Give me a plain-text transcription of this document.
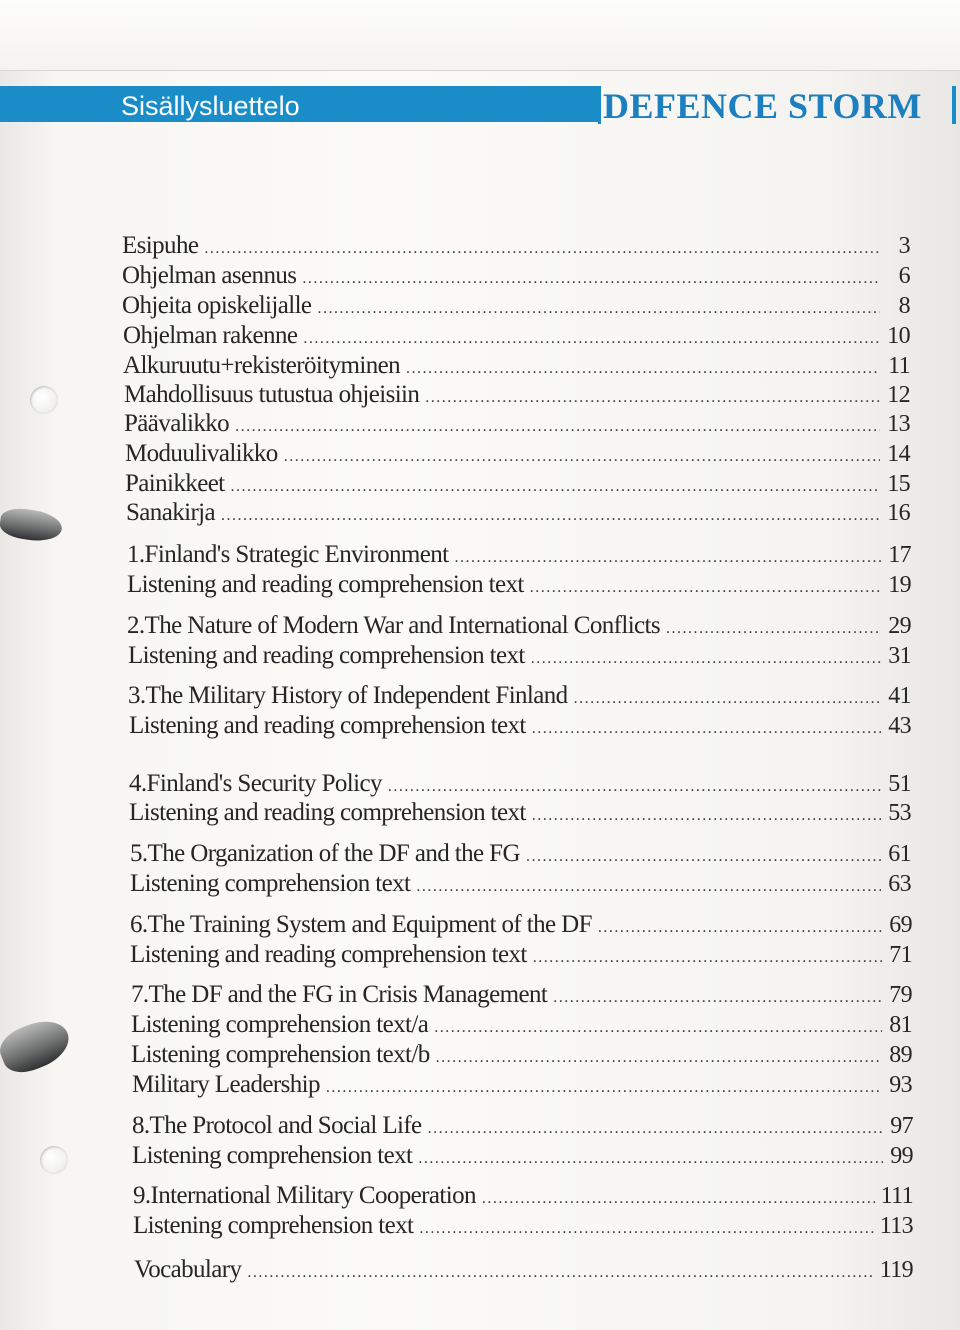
Sisällysluettelo	DEFENCE STORM
Esipuhe .....	3
Ohjelman asennus .....	6
Ohjeita opiskelijalle .....	8
Ohjelman rakenne .....	10
Alkuruutu+rekisteröityminen .....	11
Mahdollisuus tutustua ohjeisiin .....	12
Päävalikko .....	13
Moduulivalikko .....	14
Painikkeet .....	15
Sanakirja .....	16
1.Finland's Strategic Environment .....	17
Listening and reading comprehension text .....	19
2.The Nature of Modern War and International Conflicts .....	29
Listening and reading comprehension text .....	31
3.The Military History of Independent Finland .....	41
Listening and reading comprehension text .....	43
4.Finland's Security Policy .....	51
Listening and reading comprehension text .....	53
5.The Organization of the DF and the FG .....	61
Listening comprehension text .....	63
6.The Training System and Equipment of the DF .....	69
Listening and reading comprehension text .....	71
7.The DF and the FG in Crisis Management .....	79
Listening comprehension text/a .....	81
Listening comprehension text/b .....	89
Military Leadership .....	93
8.The Protocol and Social Life .....	97
Listening comprehension text .....	99
9.International Military Cooperation .....	111
Listening comprehension text .....	113
Vocabulary .....	119
